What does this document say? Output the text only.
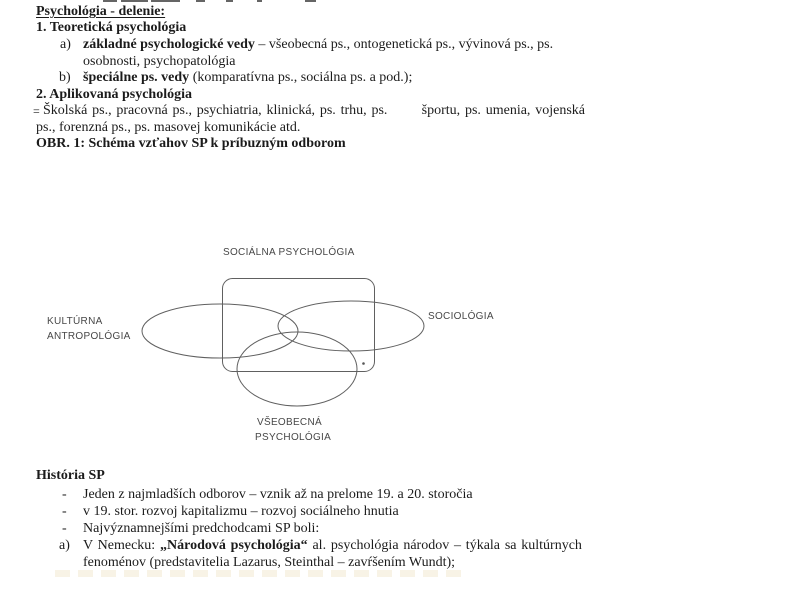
Psychológia - delenie:
1. Teoretická psychológia
a) základné psychologické vedy – všeobecná ps., ontogenetická ps., vývinová ps., ps.
osobnosti, psychopatológia
b) špeciálne ps. vedy (komparatívna ps., sociálna ps. a pod.);
2. Aplikovaná psychológia
= Školská ps., pracovná ps., psychiatria, klinická, ps. trhu, ps. športu, ps. umenia, vojenská
ps., forenzná ps., ps. masovej komunikácie atd.
OBR. 1: Schéma vzťahov SP k príbuzným odborom
SOCIÁLNA PSYCHOLÓGIA
KULTÚRNA
ANTROPOLÓGIA
SOCIOLÓGIA
VŠEOBECNÁ
PSYCHOLÓGIA
História SP
- Jeden z najmladších odborov – vznik až na prelome 19. a 20. storočia
- v 19. stor. rozvoj kapitalizmu – rozvoj sociálneho hnutia
- Najvýznamnejšími predchodcami SP boli:
a) V Nemecku: „Národová psychológia“ al. psychológia národov – týkala sa kultúrnych
fenoménov (predstavitelia Lazarus, Steinthal – zavŕšením Wundt);
